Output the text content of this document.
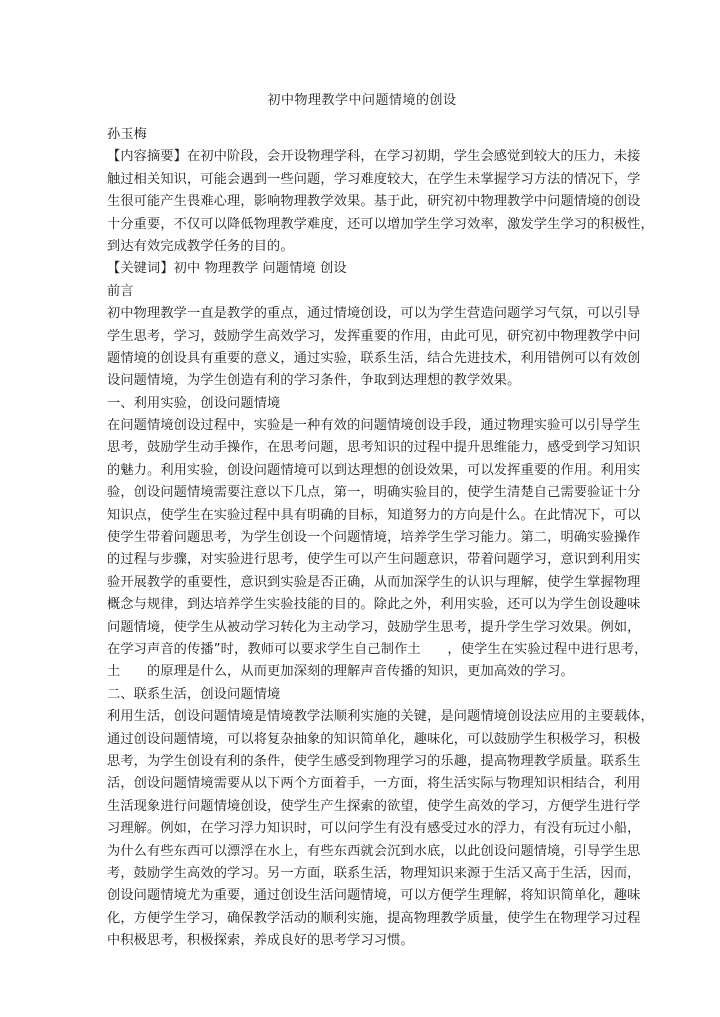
初中物理教学中问题情境的创设
孙玉梅
【内容摘要】在初中阶段，会开设物理学科，在学习初期，学生会感觉到较大的压力，未接
触过相关知识，可能会遇到一些问题，学习难度较大，在学生未掌握学习方法的情况下，学
生很可能产生畏难心理，影响物理教学效果。基于此，研究初中物理教学中问题情境的创设
十分重要，不仅可以降低物理教学难度，还可以增加学生学习效率，激发学生学习的积极性，
到达有效完成教学任务的目的。
【关键词】初中 物理教学 问题情境 创设
前言
初中物理教学一直是教学的重点，通过情境创设，可以为学生营造问题学习气氛，可以引导
学生思考，学习，鼓励学生高效学习，发挥重要的作用，由此可见，研究初中物理教学中问
题情境的创设具有重要的意义，通过实验，联系生活，结合先进技术，利用错例可以有效创
设问题情境，为学生创造有利的学习条件，争取到达理想的教学效果。
一、利用实验，创设问题情境
在问题情境创设过程中，实验是一种有效的问题情境创设手段，通过物理实验可以引导学生
思考，鼓励学生动手操作，在思考问题，思考知识的过程中提升思维能力，感受到学习知识
的魅力。利用实验，创设问题情境可以到达理想的创设效果，可以发挥重要的作用。利用实
验，创设问题情境需要注意以下几点，第一，明确实验目的，使学生清楚自己需要验证十分
知识点，使学生在实验过程中具有明确的目标，知道努力的方向是什么。在此情况下，可以
使学生带着问题思考，为学生创设一个问题情境，培养学生学习能力。第二，明确实验操作
的过程与步骤，对实验进行思考，使学生可以产生问题意识，带着问题学习，意识到利用实
验开展教学的重要性，意识到实验是否正确，从而加深学生的认识与理解，使学生掌握物理
概念与规律，到达培养学生实验技能的目的。除此之外，利用实验，还可以为学生创设趣味
问题情境，使学生从被动学习转化为主动学习，鼓励学生思考，提升学生学习效果。例如，
在学习声音的传播”时，教师可以要求学生自己制作土　　，使学生在实验过程中进行思考，
土　　的原理是什么，从而更加深刻的理解声音传播的知识，更加高效的学习。
二、联系生活，创设问题情境
利用生活，创设问题情境是情境教学法顺利实施的关键，是问题情境创设法应用的主要载体，
通过创设问题情境，可以将复杂抽象的知识简单化，趣味化，可以鼓励学生积极学习，积极
思考，为学生创设有利的条件，使学生感受到物理学习的乐趣，提高物理教学质量。联系生
活，创设问题情境需要从以下两个方面着手，一方面，将生活实际与物理知识相结合，利用
生活现象进行问题情境创设，使学生产生探索的欲望，使学生高效的学习，方便学生进行学
习理解。例如，在学习浮力知识时，可以问学生有没有感受过水的浮力，有没有玩过小船，
为什么有些东西可以漂浮在水上，有些东西就会沉到水底，以此创设问题情境，引导学生思
考，鼓励学生高效的学习。另一方面，联系生活，物理知识来源于生活又高于生活，因而，
创设问题情境尤为重要，通过创设生活问题情境，可以方便学生理解，将知识简单化，趣味
化，方便学生学习，确保教学活动的顺利实施，提高物理教学质量，使学生在物理学习过程
中积极思考，积极探索，养成良好的思考学习习惯。
